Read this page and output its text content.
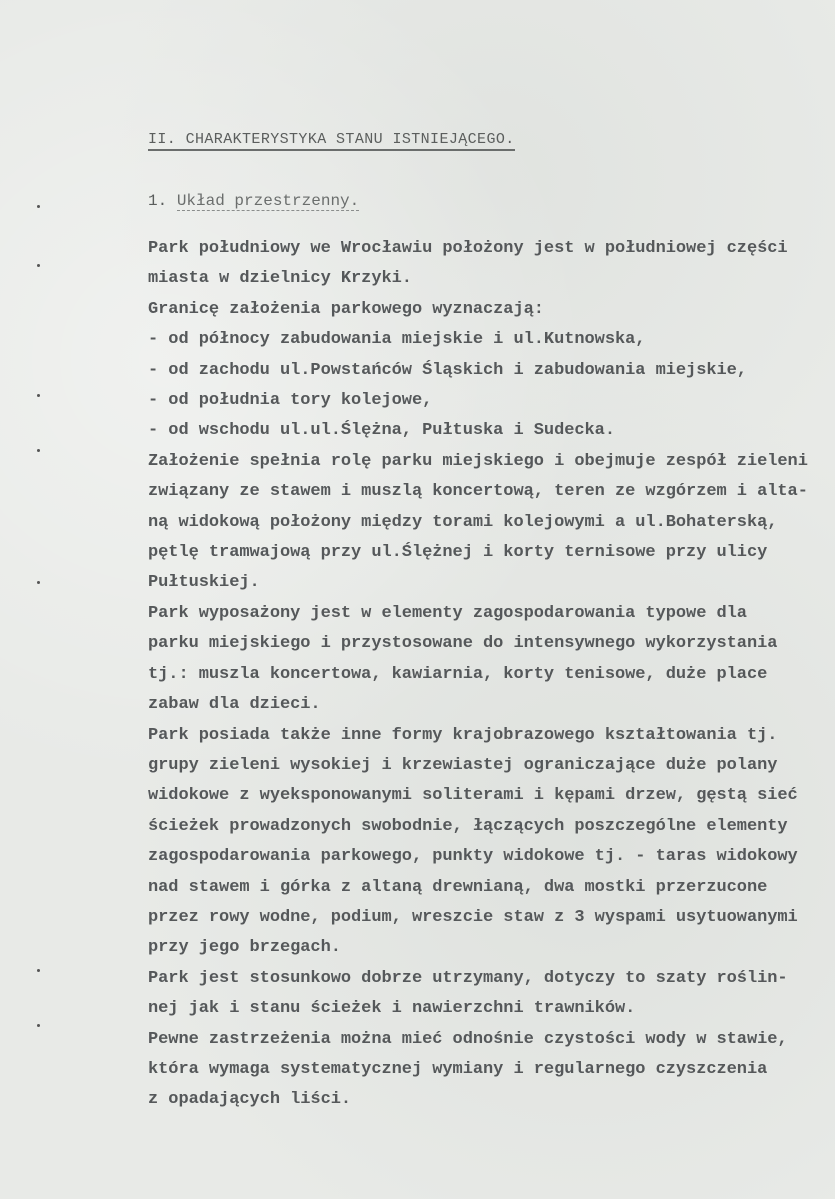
II. CHARAKTERYSTYKA STANU ISTNIEJĄCEGO.
1. Układ przestrzenny.
Park południowy we Wrocławiu położony jest w południowej części
miasta w dzielnicy Krzyki.
Granicę założenia parkowego wyznaczają:
- od północy zabudowania miejskie i ul.Kutnowska,
- od zachodu ul.Powstańców Śląskich i zabudowania miejskie,
- od południa tory kolejowe,
- od wschodu ul.ul.Ślężna, Pułtuska i Sudecka.
Założenie spełnia rolę parku miejskiego i obejmuje zespół zieleni
związany ze stawem i muszlą koncertową, teren ze wzgórzem i alta-
ną widokową położony między torami kolejowymi a ul.Bohaterską,
pętlę tramwajową przy ul.Ślężnej i korty ternisowe przy ulicy
Pułtuskiej.
Park wyposażony jest w elementy zagospodarowania typowe dla
parku miejskiego i przystosowane do intensywnego wykorzystania
tj.: muszla koncertowa, kawiarnia, korty tenisowe, duże place
zabaw dla dzieci.
Park posiada także inne formy krajobrazowego kształtowania tj.
grupy zieleni wysokiej i krzewiastej ograniczające duże polany
widokowe z wyeksponowanymi soliterami i kępami drzew, gęstą sieć
ścieżek prowadzonych swobodnie, łączących poszczególne elementy
zagospodarowania parkowego, punkty widokowe tj. - taras widokowy
nad stawem i górka z altaną drewnianą, dwa mostki przerzucone
przez rowy wodne, podium, wreszcie staw z 3 wyspami usytuowanymi
przy jego brzegach.
Park jest stosunkowo dobrze utrzymany, dotyczy to szaty roślin-
nej jak i stanu ścieżek i nawierzchni trawników.
Pewne zastrzeżenia można mieć odnośnie czystości wody w stawie,
która wymaga systematycznej wymiany i regularnego czyszczenia
z opadających liści.
